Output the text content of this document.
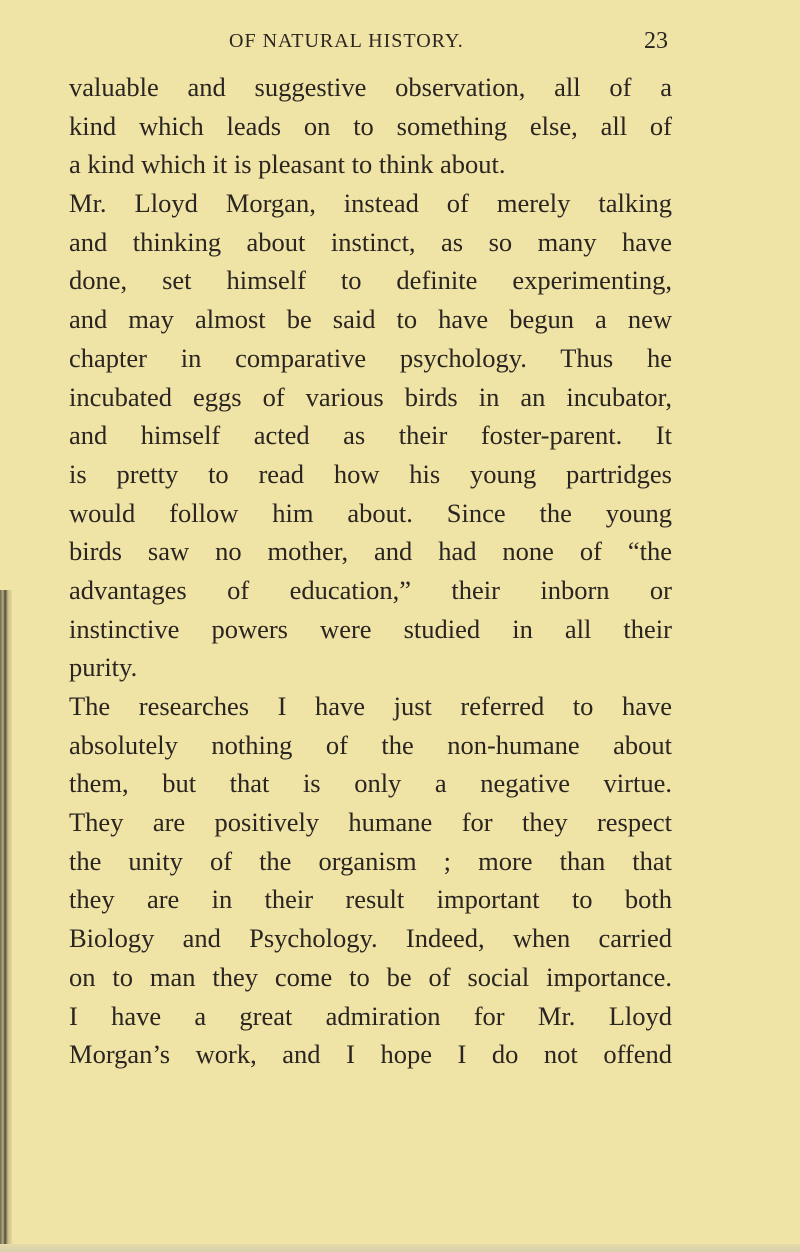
OF NATURAL HISTORY.	23
valuable and suggestive observation, all of a
kind which leads on to something else, all of
a kind which it is pleasant to think about.
Mr. Lloyd Morgan, instead of merely talking
and thinking about instinct, as so many have
done, set himself to definite experimenting,
and may almost be said to have begun a new
chapter in comparative psychology. Thus he
incubated eggs of various birds in an incubator,
and himself acted as their foster-parent. It
is pretty to read how his young partridges
would follow him about. Since the young
birds saw no mother, and had none of “the
advantages of education,” their inborn or
instinctive powers were studied in all their
purity.
The researches I have just referred to have
absolutely nothing of the non-humane about
them, but that is only a negative virtue.
They are positively humane for they respect
the unity of the organism ; more than that
they are in their result important to both
Biology and Psychology. Indeed, when carried
on to man they come to be of social importance.
I have a great admiration for Mr. Lloyd
Morgan’s work, and I hope I do not offend
